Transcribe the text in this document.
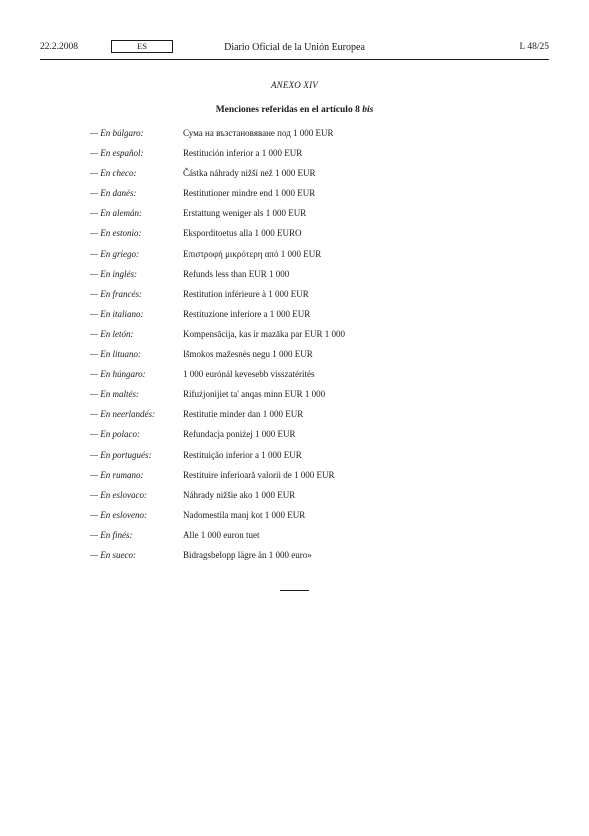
22.2.2008	ES	Diario Oficial de la Unión Europea	L 48/25
ANEXO XIV
Menciones referidas en el artículo 8 bis
— En búlgaro:	Сума на възстановяване под 1 000 EUR
— En español:	Restitución inferior a 1 000 EUR
— En checo:	Částka náhrady nižší než 1 000 EUR
— En danés:	Restitutioner mindre end 1 000 EUR
— En alemán:	Erstattung weniger als 1 000 EUR
— En estonio:	Eksporditoetus alla 1 000 EURO
— En griego:	Επιστροφή μικρότερη από 1 000 EUR
— En inglés:	Refunds less than EUR 1 000
— En francés:	Restitution inférieure à 1 000 EUR
— En italiano:	Restituzione inferiore a 1 000 EUR
— En letón:	Kompensācija, kas ir mazāka par EUR 1 000
— En lituano:	Išmokos mažesnės negu 1 000 EUR
— En húngaro:	1 000 eurónál kevesebb visszatérítés
— En maltés:	Rifużjonijiet ta' anqas minn EUR 1 000
— En neerlandés:	Restitutie minder dan 1 000 EUR
— En polaco:	Refundacja poniżej 1 000 EUR
— En portugués:	Restituição inferior a 1 000 EUR
— En rumano:	Restituire inferioară valorii de 1 000 EUR
— En eslovaco:	Náhrady nižšie ako 1 000 EUR
— En esloveno:	Nadomestila manj kot 1 000 EUR
— En finés:	Alle 1 000 euron tuet
— En sueco:	Bidragsbelopp lägre än 1 000 euro»
